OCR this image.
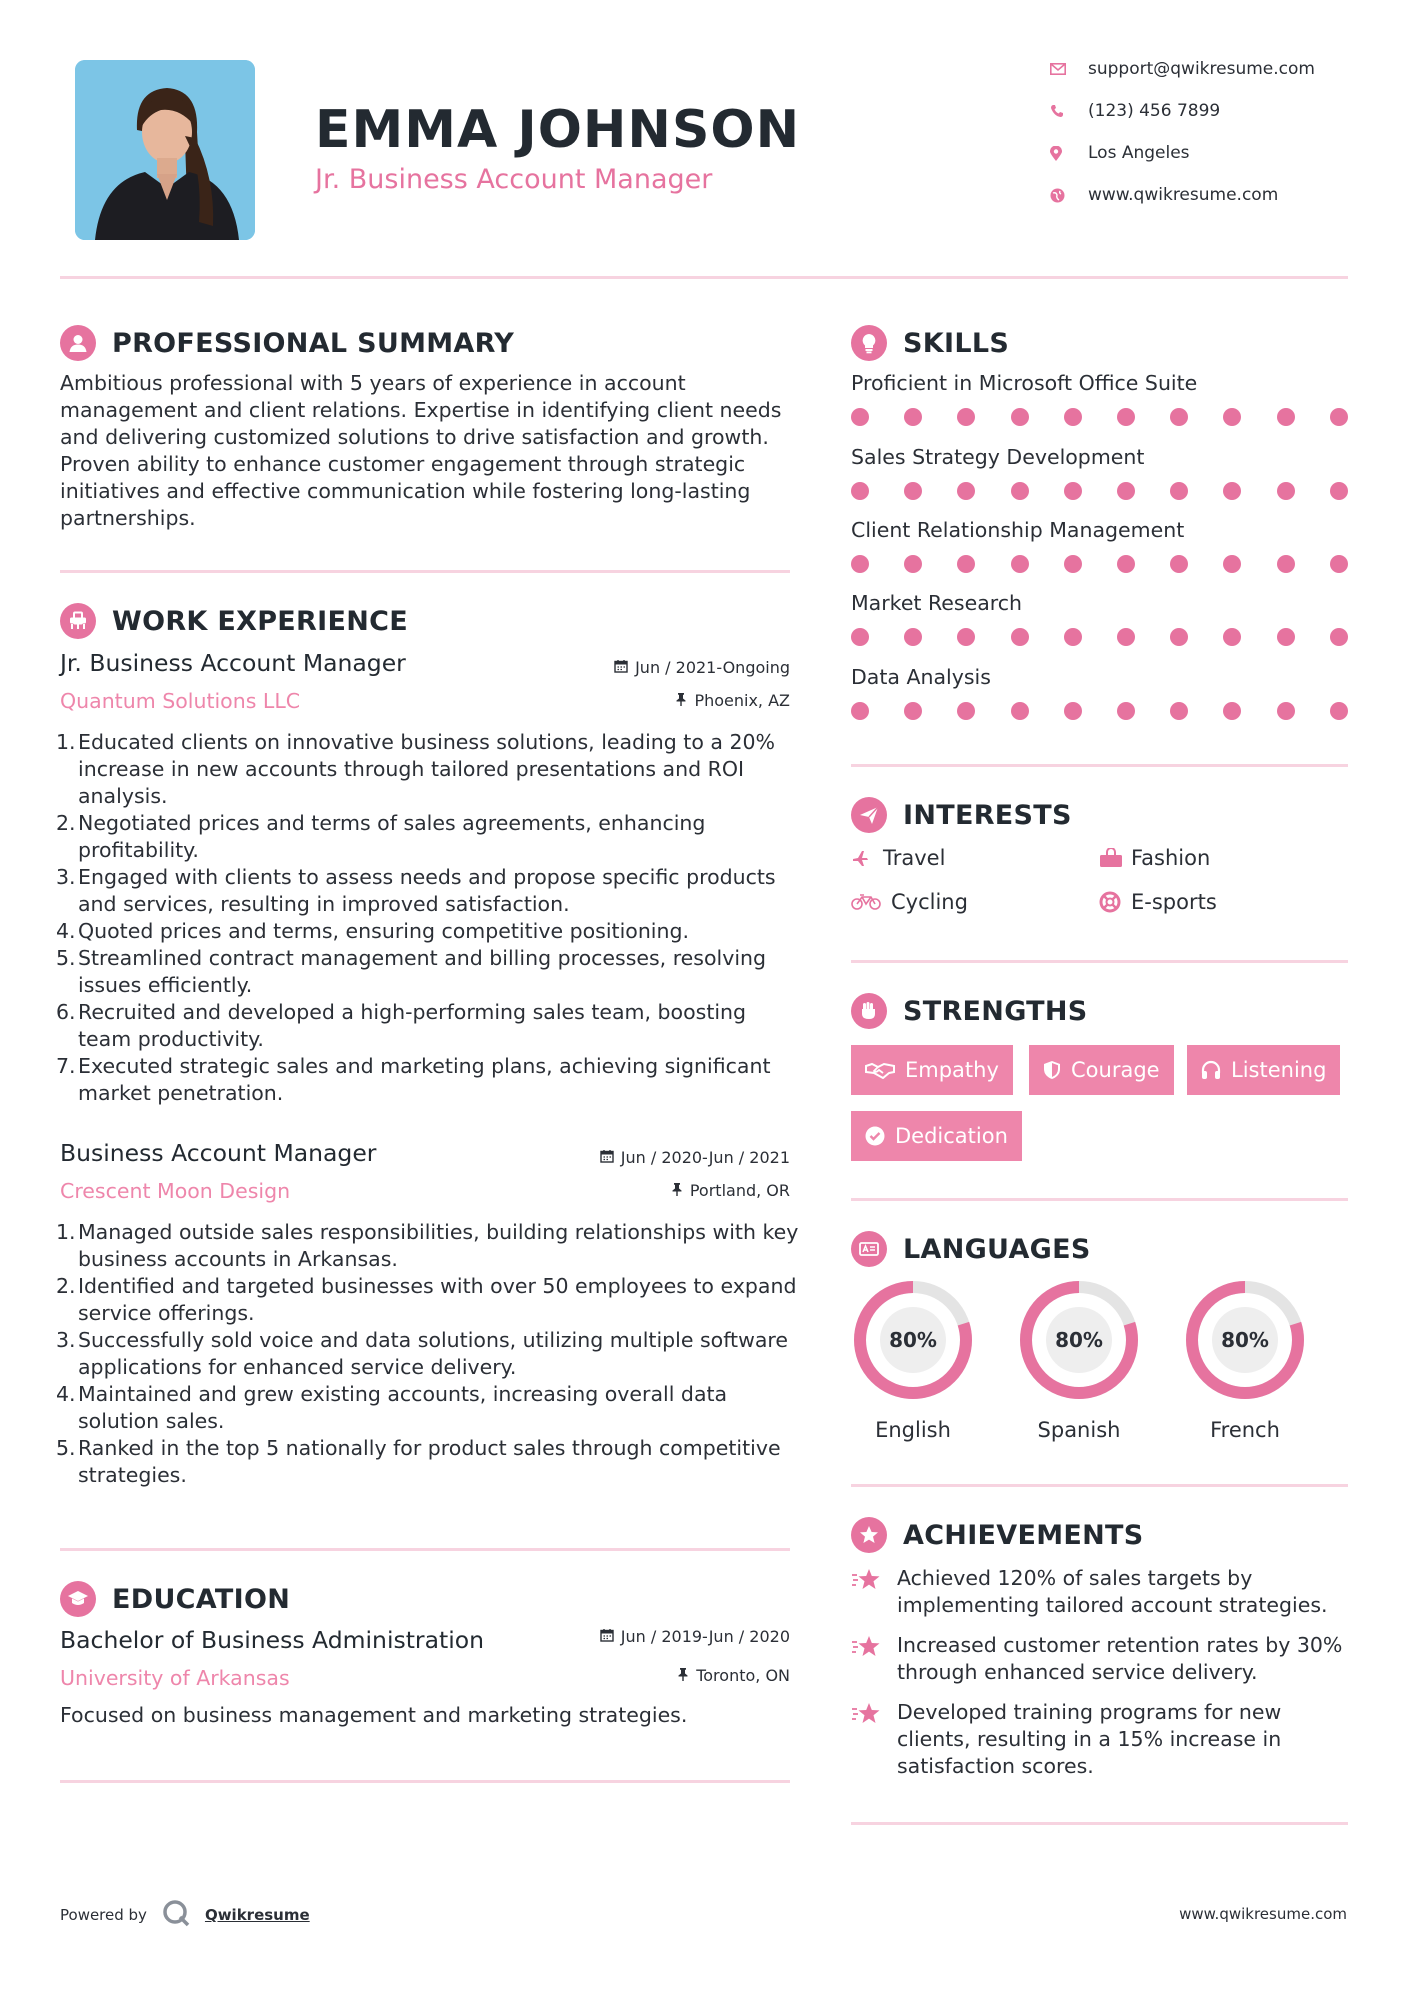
EMMA JOHNSON
Jr. Business Account Manager
support@qwikresume.com
(123) 456 7899
Los Angeles
www.qwikresume.com
PROFESSIONAL SUMMARY
Ambitious professional with 5 years of experience in account management and client relations. Expertise in identifying client needs and delivering customized solutions to drive satisfaction and growth. Proven ability to enhance customer engagement through strategic initiatives and effective communication while fostering long-lasting partnerships.
WORK EXPERIENCE
Jr. Business Account Manager	Jun / 2021-Ongoing
Quantum Solutions LLC	Phoenix, AZ
1. Educated clients on innovative business solutions, leading to a 20% increase in new accounts through tailored presentations and ROI analysis.
2. Negotiated prices and terms of sales agreements, enhancing profitability.
3. Engaged with clients to assess needs and propose specific products and services, resulting in improved satisfaction.
4. Quoted prices and terms, ensuring competitive positioning.
5. Streamlined contract management and billing processes, resolving issues efficiently.
6. Recruited and developed a high-performing sales team, boosting team productivity.
7. Executed strategic sales and marketing plans, achieving significant market penetration.
Business Account Manager	Jun / 2020-Jun / 2021
Crescent Moon Design	Portland, OR
1. Managed outside sales responsibilities, building relationships with key business accounts in Arkansas.
2. Identified and targeted businesses with over 50 employees to expand service offerings.
3. Successfully sold voice and data solutions, utilizing multiple software applications for enhanced service delivery.
4. Maintained and grew existing accounts, increasing overall data solution sales.
5. Ranked in the top 5 nationally for product sales through competitive strategies.
EDUCATION
Bachelor of Business Administration	Jun / 2019-Jun / 2020
University of Arkansas	Toronto, ON
Focused on business management and marketing strategies.
SKILLS
Proficient in Microsoft Office Suite
Sales Strategy Development
Client Relationship Management
Market Research
Data Analysis
INTERESTS
Travel	Fashion
Cycling	E-sports
STRENGTHS
Empathy	Courage	Listening
Dedication
LANGUAGES
80%
English
80%
Spanish
80%
French
ACHIEVEMENTS
Achieved 120% of sales targets by implementing tailored account strategies.
Increased customer retention rates by 30% through enhanced service delivery.
Developed training programs for new clients, resulting in a 15% increase in satisfaction scores.
Powered by	Qwikresume	www.qwikresume.com
